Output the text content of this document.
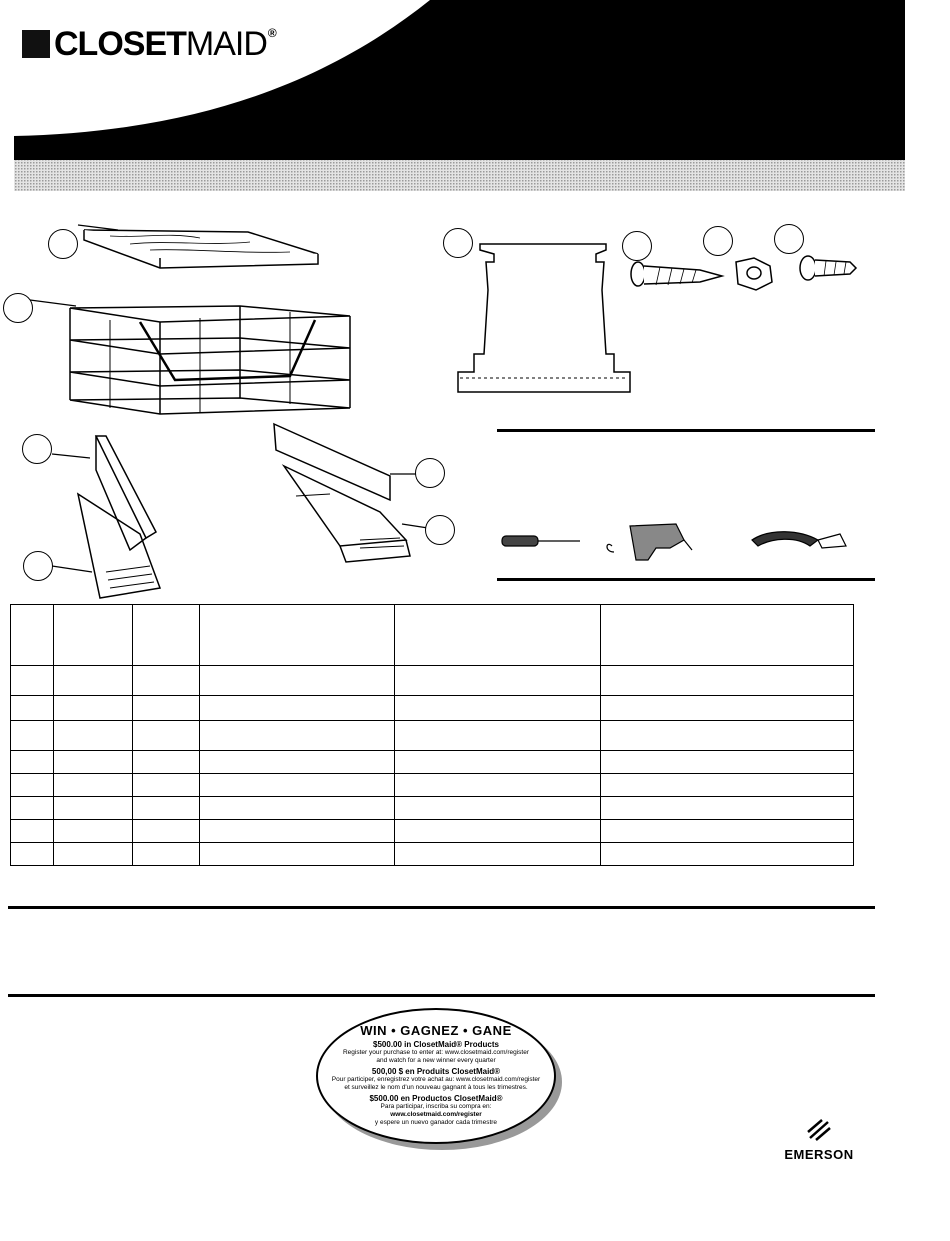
CLOSETMAID®

WIN • GAGNEZ • GANE
$500.00 in ClosetMaid® Products
Register your purchase to enter at: www.closetmaid.com/register
and watch for a new winner every quarter
500,00 $ en Produits ClosetMaid®
Pour participer, enregistrez votre achat au: www.closetmaid.com/register
et surveillez le nom d'un nouveau gagnant à tous les trimestres.
$500.00 en Productos ClosetMaid®
Para participar, inscriba su compra en:
www.closetmaid.com/register
y espere un nuevo ganador cada trimestre
EMERSON
